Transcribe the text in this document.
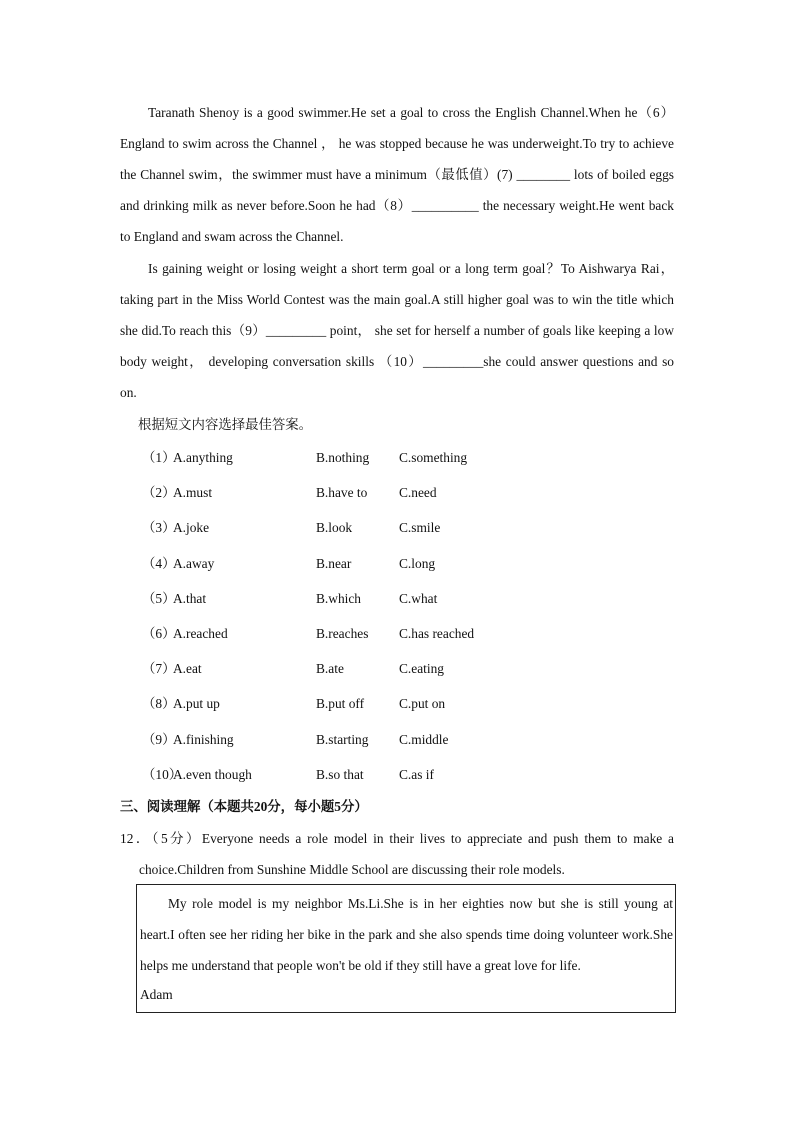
Taranath Shenoy is a good swimmer.He set a goal to cross the English Channel.When he（6） England to swim across the Channel ， he was stopped because he was underweight.To try to achieve the Channel swim，the swimmer must have a minimum（最低值）(7) ________ lots of boiled eggs and drinking milk as never before.Soon he had（8）__________ the necessary weight.He went back to England and swam across the Channel.

Is gaining weight or losing weight a short term goal or a long term goal？To Aishwarya Rai，taking part in the Miss World Contest was the main goal.A still higher goal was to win the title which she did.To reach this（9）_________ point， she set for herself a number of goals like keeping a low body weight， developing conversation skills （10）_________she could answer questions and so on.

根据短文内容选择最佳答案。

（1）
A.anything	B.nothing C.something
（2）
A.must	B.have to C.need
（3）
A.joke	B.look	C.smile
（4）
A.away	B.near	C.long
（5）
A.that	B.which	C.what
（6）
A.reached	B.reaches C.has reached
（7）
A.eat	B.ate	C.eating
（8）
A.put up	B.put off	C.put on
（9）
A.finishing	B.starting C.middle
（10）
A.even though	B.so that	C.as if

三、阅读理解（本题共20分，每小题5分）

12．（5分）Everyone needs a role model in their lives to appreciate and push them to make a choice.Children from Sunshine Middle School are discussing their role models.

My role model is my neighbor Ms.Li.She is in her eighties now but she is still young at heart.I often see her riding her bike in the park and she also spends time doing volunteer work.She helps me understand that people won't be old if they still have a great love for life.

Adam
